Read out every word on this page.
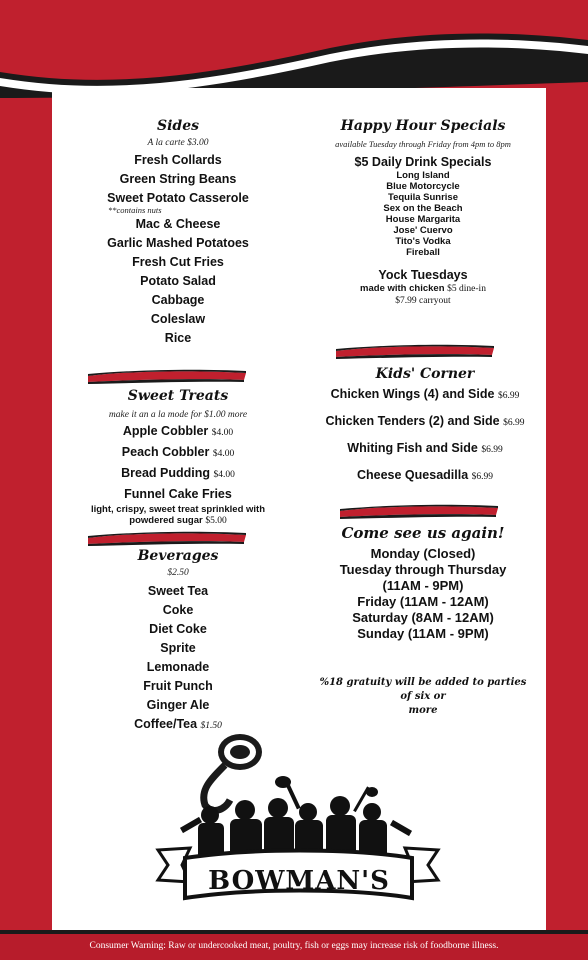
Sides
A la carte $3.00
Fresh Collards
Green String Beans
Sweet Potato Casserole
**contains nuts
Mac & Cheese
Garlic Mashed Potatoes
Fresh Cut Fries
Potato Salad
Cabbage
Coleslaw
Rice
Sweet Treats
make it an a la mode for $1.00 more
Apple Cobbler $4.00
Peach Cobbler $4.00
Bread Pudding $4.00
Funnel Cake Fries
light, crispy, sweet treat sprinkled with
powdered sugar $5.00
Beverages
$2.50
Sweet Tea
Coke
Diet Coke
Sprite
Lemonade
Fruit Punch
Ginger Ale
Coffee/Tea $1.50
Happy Hour Specials
available Tuesday through Friday from 4pm to 8pm
$5 Daily Drink Specials
Long Island
Blue Motorcycle
Tequila Sunrise
Sex on the Beach
House Margarita
Jose' Cuervo
Tito's Vodka
Fireball
Yock Tuesdays
made with chicken $5 dine-in
$7.99 carryout
Kids' Corner
Chicken Wings (4) and Side $6.99
Chicken Tenders (2) and Side $6.99
Whiting Fish and Side $6.99
Cheese Quesadilla $6.99
Come see us again!
Monday (Closed)
Tuesday through Thursday
(11AM - 9PM)
Friday (11AM - 12AM)
Saturday (8AM - 12AM)
Sunday (11AM - 9PM)
%18 gratuity will be added to parties of six or
more
BOWMAN'S
Consumer Warning: Raw or undercooked meat, poultry, fish or eggs may increase risk of foodborne illness.
